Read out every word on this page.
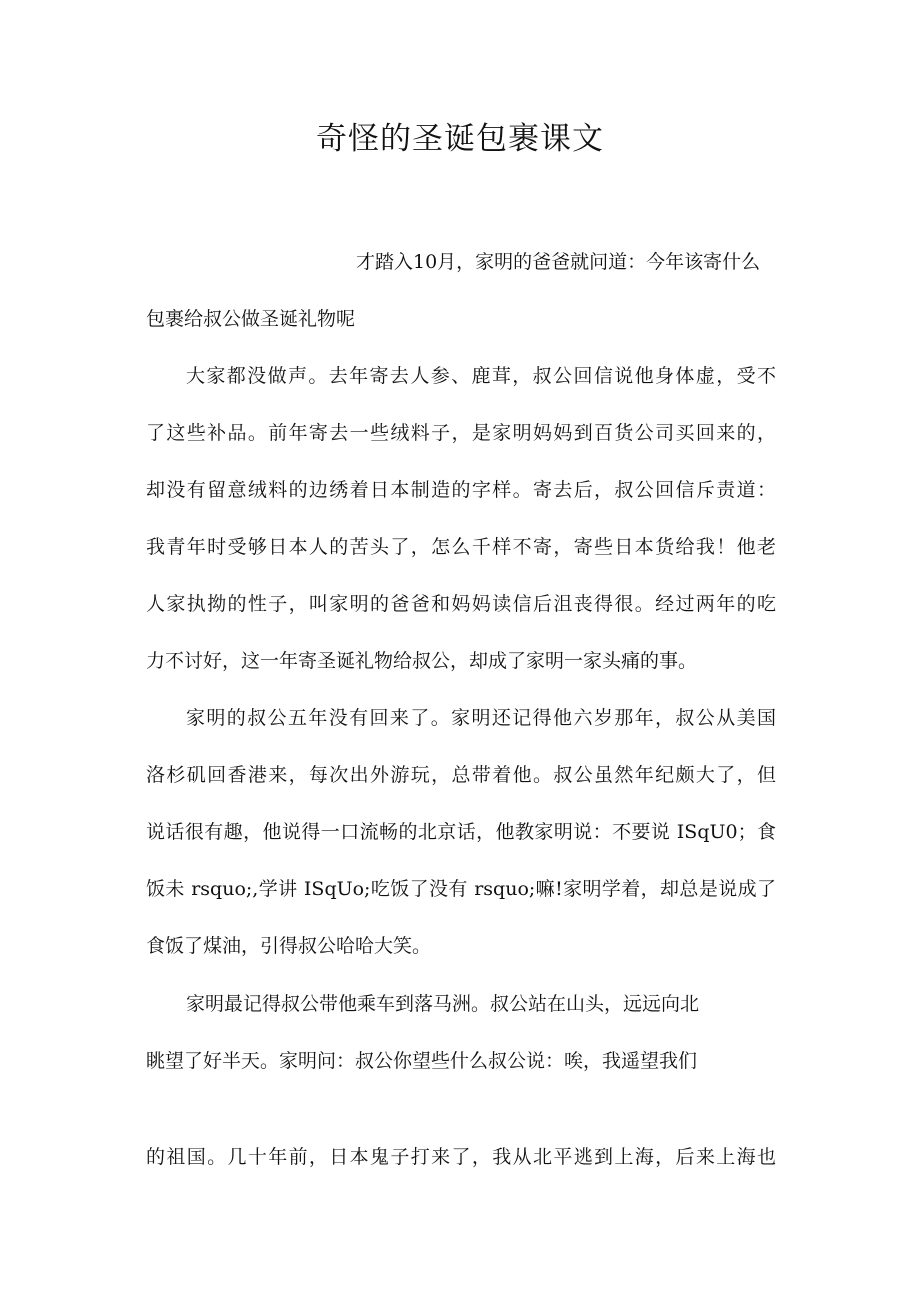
奇怪的圣诞包裹课文
才踏入10月，家明的爸爸就问道：今年该寄什么
包裹给叔公做圣诞礼物呢
大家都没做声。去年寄去人参、鹿茸，叔公回信说他身体虚，受不
了这些补品。前年寄去一些绒料子，是家明妈妈到百货公司买回来的，
却没有留意绒料的边绣着日本制造的字样。寄去后，叔公回信斥责道：
我青年时受够日本人的苦头了，怎么千样不寄，寄些日本货给我！他老
人家执拗的性子，叫家明的爸爸和妈妈读信后沮丧得很。经过两年的吃
力不讨好，这一年寄圣诞礼物给叔公，却成了家明一家头痛的事。
家明的叔公五年没有回来了。家明还记得他六岁那年，叔公从美国
洛杉矶回香港来，每次出外游玩，总带着他。叔公虽然年纪颇大了，但
说话很有趣，他说得一口流畅的北京话，他教家明说：不要说 ISqU0；食
饭未 rsquo;,学讲 ISqUo;吃饭了没有 rsquo;嘛!家明学着，却总是说成了
食饭了煤油，引得叔公哈哈大笑。
家明最记得叔公带他乘车到落马洲。叔公站在山头，远远向北
眺望了好半天。家明问：叔公你望些什么叔公说：唉，我遥望我们
的祖国。几十年前，日本鬼子打来了，我从北平逃到上海，后来上海也
